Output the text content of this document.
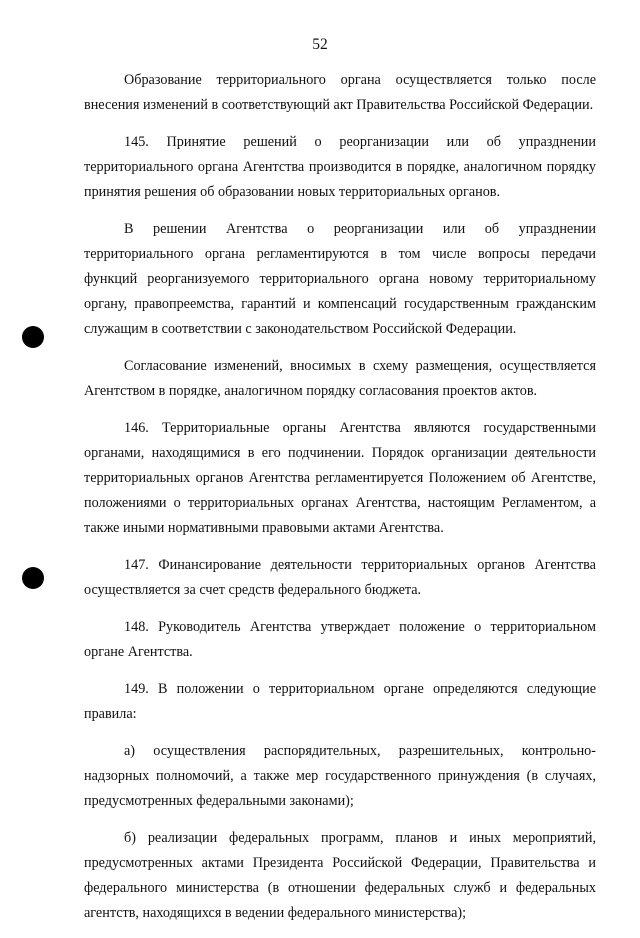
52

Образование территориального органа осуществляется только после внесения изменений в соответствующий акт Правительства Российской Федерации.

145. Принятие решений о реорганизации или об упразднении территориального органа Агентства производится в порядке, аналогичном порядку принятия решения об образовании новых территориальных органов.

В решении Агентства о реорганизации или об упразднении территориального органа регламентируются в том числе вопросы передачи функций реорганизуемого территориального органа новому территориальному органу, правопреемства, гарантий и компенсаций государственным гражданским служащим в соответствии с законодательством Российской Федерации.

Согласование изменений, вносимых в схему размещения, осуществляется Агентством в порядке, аналогичном порядку согласования проектов актов.

146. Территориальные органы Агентства являются государственными органами, находящимися в его подчинении. Порядок организации деятельности территориальных органов Агентства регламентируется Положением об Агентстве, положениями о территориальных органах Агентства, настоящим Регламентом, а также иными нормативными правовыми актами Агентства.

147. Финансирование деятельности территориальных органов Агентства осуществляется за счет средств федерального бюджета.

148. Руководитель Агентства утверждает положение о территориальном органе Агентства.

149. В положении о территориальном органе определяются следующие правила:

а) осуществления распорядительных, разрешительных, контрольно-надзорных полномочий, а также мер государственного принуждения (в случаях, предусмотренных федеральными законами);

б) реализации федеральных программ, планов и иных мероприятий, предусмотренных актами Президента Российской Федерации, Правительства и федерального министерства (в отношении федеральных служб и федеральных агентств, находящихся в ведении федерального министерства);
